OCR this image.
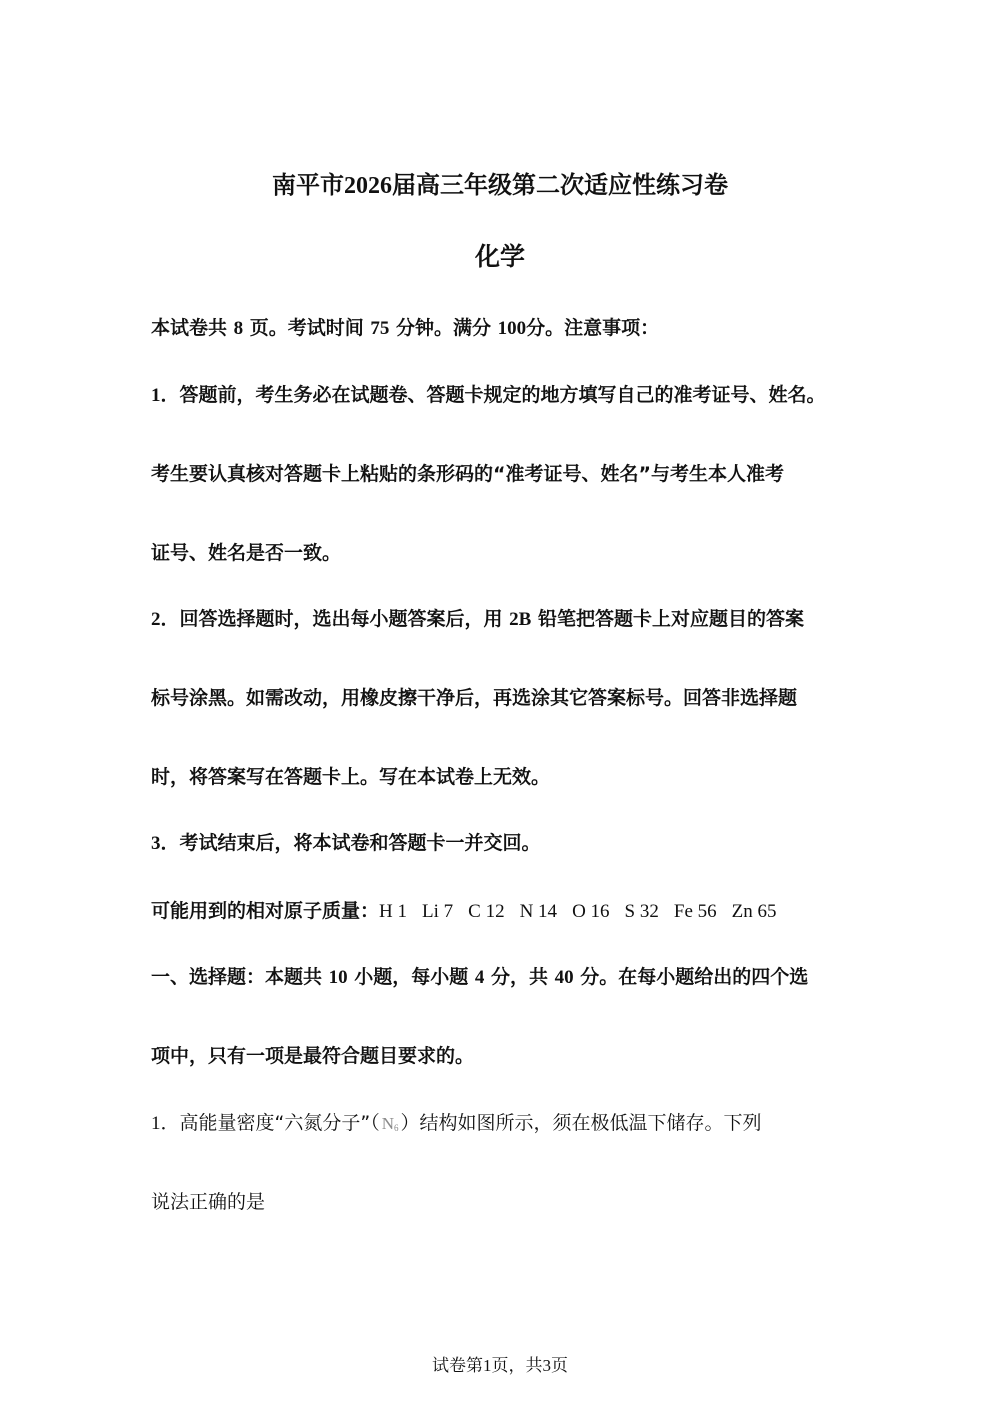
南平市2026届高三年级第二次适应性练习卷
化学
本试卷共 8 页。考试时间 75 分钟。满分 100分。注意事项：
1．答题前，考生务必在试题卷、答题卡规定的地方填写自己的准考证号、姓名。
考生要认真核对答题卡上粘贴的条形码的“准考证号、姓名”与考生本人准考
证号、姓名是否一致。
2．回答选择题时，选出每小题答案后，用 2B 铅笔把答题卡上对应题目的答案
标号涂黑。如需改动，用橡皮擦干净后，再选涂其它答案标号。回答非选择题
时，将答案写在答题卡上。写在本试卷上无效。
3．考试结束后，将本试卷和答题卡一并交回。
可能用到的相对原子质量：H 1 Li 7 C 12 N 14 O 16 S 32 Fe 56 Zn 65
一、选择题：本题共 10 小题，每小题 4 分，共 40 分。在每小题给出的四个选
项中，只有一项是最符合题目要求的。
1．高能量密度“六氮分子”（ $N_6$ ）结构如图所示，须在极低温下储存。下列
说法正确的是
试卷第1页，共3页
